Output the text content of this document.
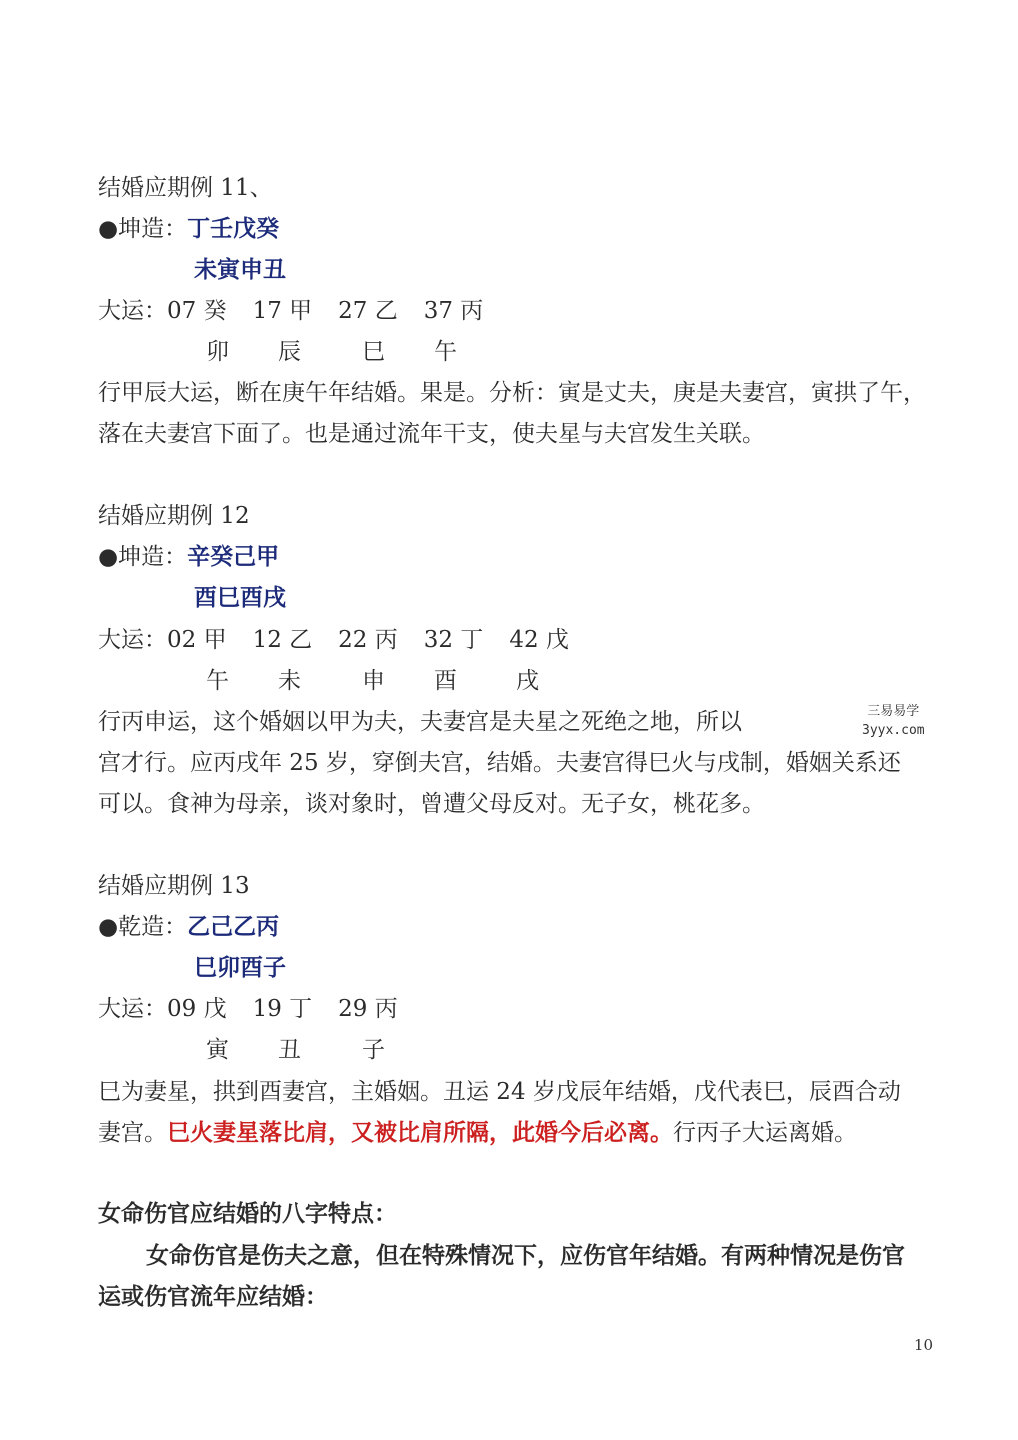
结婚应期例 11、
●坤造：丁壬戊癸
未寅申丑
大运：07 癸 17 甲 27 乙 37 丙
卯 辰	巳 午
行甲辰大运，断在庚午年结婚。果是。分析：寅是丈夫，庚是夫妻宫，寅拱了午，
落在夫妻宫下面了。也是通过流年干支，使夫星与夫宫发生关联。
结婚应期例 12
●坤造：辛癸己甲
酉巳酉戌
大运：02 甲 12 乙 22 丙 32 丁 42 戊
午 未	申 酉	戌
行丙申运，这个婚姻以甲为夫，夫妻宫是夫星之死绝之地，所以
宫才行。应丙戌年 25 岁，穿倒夫宫，结婚。夫妻宫得巳火与戌制，婚姻关系还
可以。食神为母亲，谈对象时，曾遭父母反对。无子女，桃花多。
三易易学
3yyx.com
结婚应期例 13
●乾造：乙己乙丙
巳卯酉子
大运：09 戊 19 丁 29 丙
寅 丑	子
巳为妻星，拱到酉妻宫，主婚姻。丑运 24 岁戊辰年结婚，戊代表巳，辰酉合动
妻宫。巳火妻星落比肩，又被比肩所隔，此婚今后必离。行丙子大运离婚。
女命伤官应结婚的八字特点：
女命伤官是伤夫之意，但在特殊情况下，应伤官年结婚。有两种情况是伤官
运或伤官流年应结婚：
10
